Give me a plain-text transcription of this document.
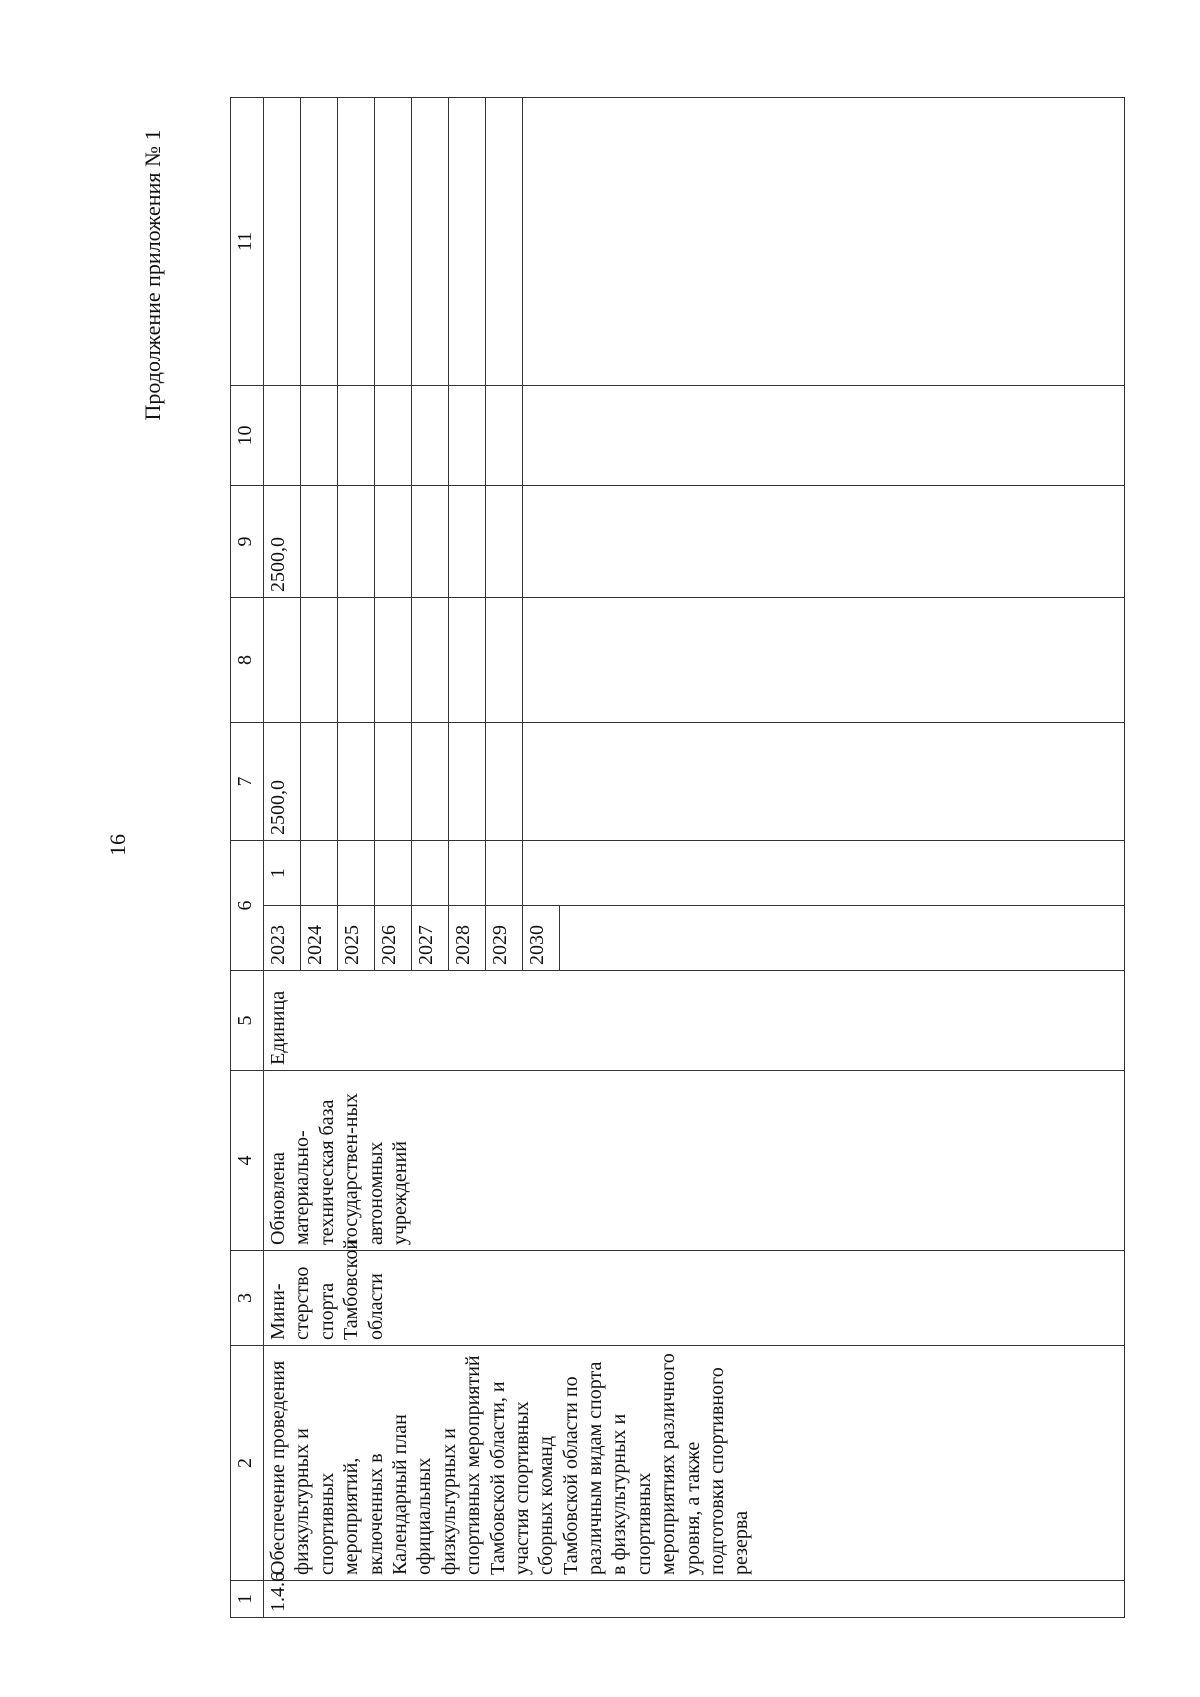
16
Продолжение приложения № 1
1	2	3	4	5	6		7	8	9	10	11
1.4.6.	Обеспечение проведения физкультурных и спортивных мероприятий, включенных в Календарный план официальных физкультурных и спортивных мероприятий Тамбовской области, и участия спортивных сборных команд Тамбовской области по различным видам спорта в физкультурных и спортивных мероприятиях различного уровня, а также подготовки спортивного резерва	Мини-стерство спорта Тамбовской области	Обновлена материально-техническая база государствен-ных автономных учреждений	Единица	2023	1	2500,0		2500,0		
					2024						
					2025						
					2026						
					2027						
					2028						
					2029						
					2030						
